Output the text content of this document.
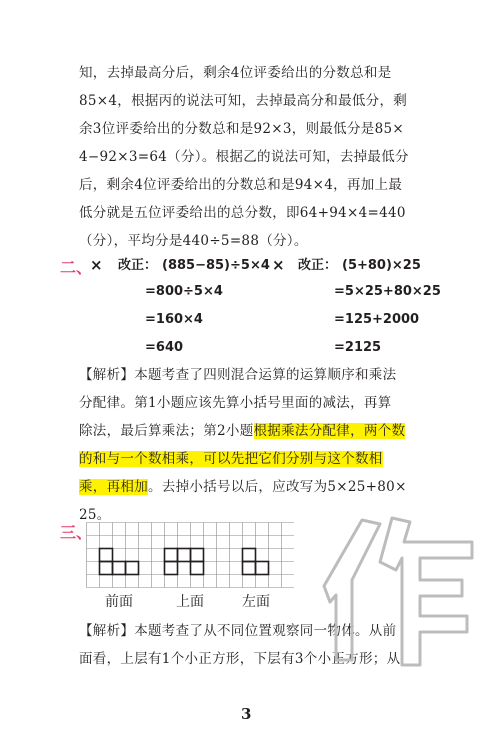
知，去掉最高分后，剩余4位评委给出的分数总和是
85×4，根据丙的说法可知，去掉最高分和最低分，剩
余3位评委给出的分数总和是92×3，则最低分是85×
4−92×3=64（分）。根据乙的说法可知，去掉最低分
后，剩余4位评委给出的分数总和是94×4，再加上最
低分就是五位评委给出的总分数，即64+94×4=440
（分），平均分是440÷5=88（分）。
二、
× 改正： (885−85)÷5×4
=800÷5×4
=160×4
=640
× 改正： (5+80)×25
=5×25+80×25
=125+2000
=2125
【解析】本题考查了四则混合运算的运算顺序和乘法
分配律。第1小题应该先算小括号里面的减法，再算
除法，最后算乘法；第2小题根据乘法分配律，两个数
的和与一个数相乘，可以先把它们分别与这个数相
乘，再相加。去掉小括号以后，应改写为5×25+80×
25。
三、
前面	上面	左面
【解析】本题考查了从不同位置观察同一物体。从前
面看，上层有1个小正方形，下层有3个小正方形；从
3
